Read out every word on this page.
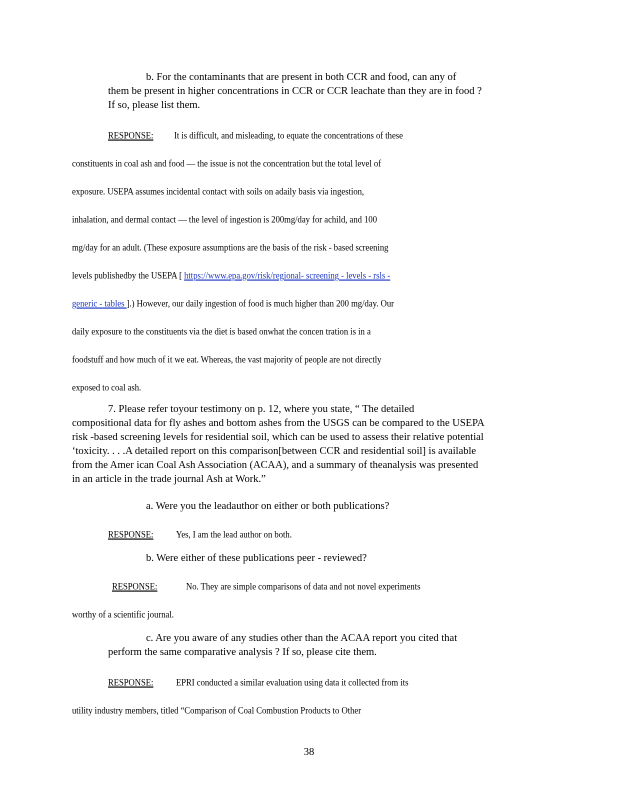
b. For the contaminants that are present in both CCR and food, can any of
them be present in higher concentrations in CCR or CCR leachate than they are in food ?
If so, please list them.
RESPONSE: It is difficult, and misleading, to equate the concentrations of these
constituents in coal ash and food — the issue is not the concentration but the total level of
exposure. USEPA assumes incidental contact with soils on adaily basis via ingestion,
inhalation, and dermal contact — the level of ingestion is 200mg/day for achild, and 100
mg/day for an adult. (These exposure assumptions are the basis of the risk - based screening
levels publishedby the USEPA [ https://www.epa.gov/risk/regional- screening - levels - rsls -
generic - tables ].) However, our daily ingestion of food is much higher than 200 mg/day. Our
daily exposure to the constituents via the diet is based onwhat the concen tration is in a
foodstuff and how much of it we eat. Whereas, the vast majority of people are not directly
exposed to coal ash.
7. Please refer toyour testimony on p. 12, where you state, “ The detailed
compositional data for fly ashes and bottom ashes from the USGS can be compared to the USEPA
risk -based screening levels for residential soil, which can be used to assess their relative potential
‘toxicity. . . .A detailed report on this comparison[between CCR and residential soil] is available
from the Amer ican Coal Ash Association (ACAA), and a summary of theanalysis was presented
in an article in the trade journal Ash at Work.”
a. Were you the leadauthor on either or both publications?
RESPONSE:	Yes, I am the lead author on both.
b. Were either of these publications peer - reviewed?
RESPONSE:	No. They are simple comparisons of data and not novel experiments
worthy of a scientific journal.
c. Are you aware of any studies other than the ACAA report you cited that
perform the same comparative analysis ? If so, please cite them.
RESPONSE:	EPRI conducted a similar evaluation using data it collected from its
utility industry members, titled “Comparison of Coal Combustion Products to Other
38
